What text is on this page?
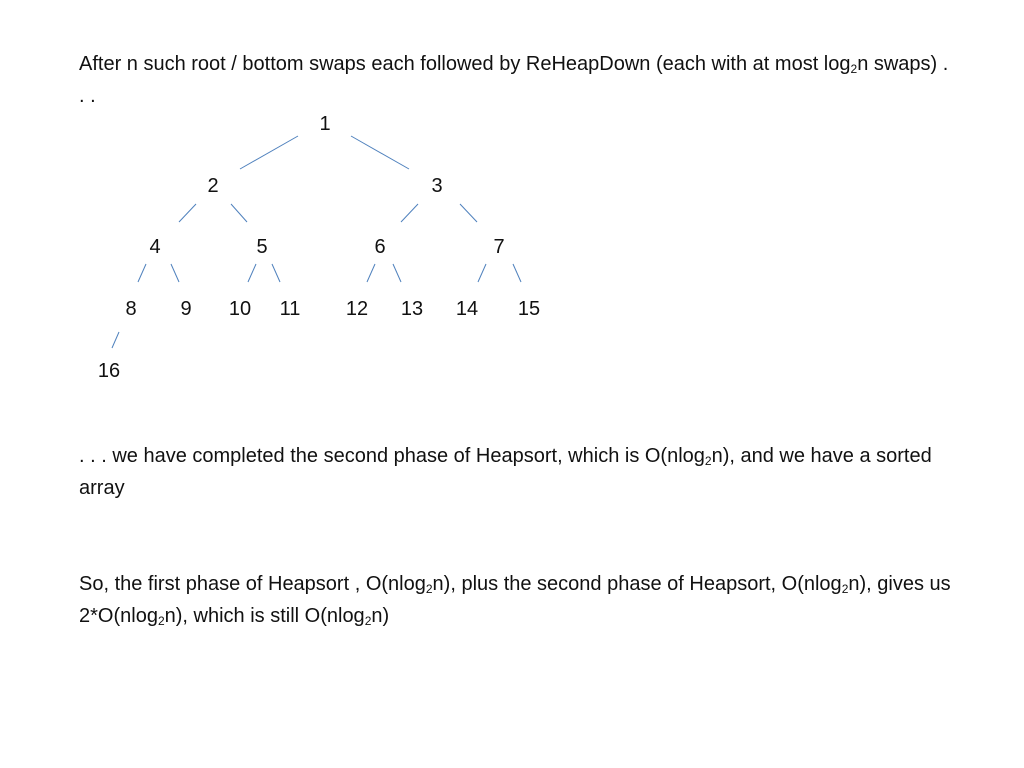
After n such root / bottom swaps each followed by ReHeapDown (each with at most $\log_2n$ swaps) . . .

1
2	3
4	5	6	7
8 9 10 11 12 13 14 15
16

. . . we have completed the second phase of Heapsort, which is O(nlog$_2$n), and we have a sorted array

So, the first phase of Heapsort , O(nlog$_2$n), plus the second phase of Heapsort, O(nlog$_2$n), gives us 2*O(nlog$_2$n), which is still O(nlog$_2$n)
